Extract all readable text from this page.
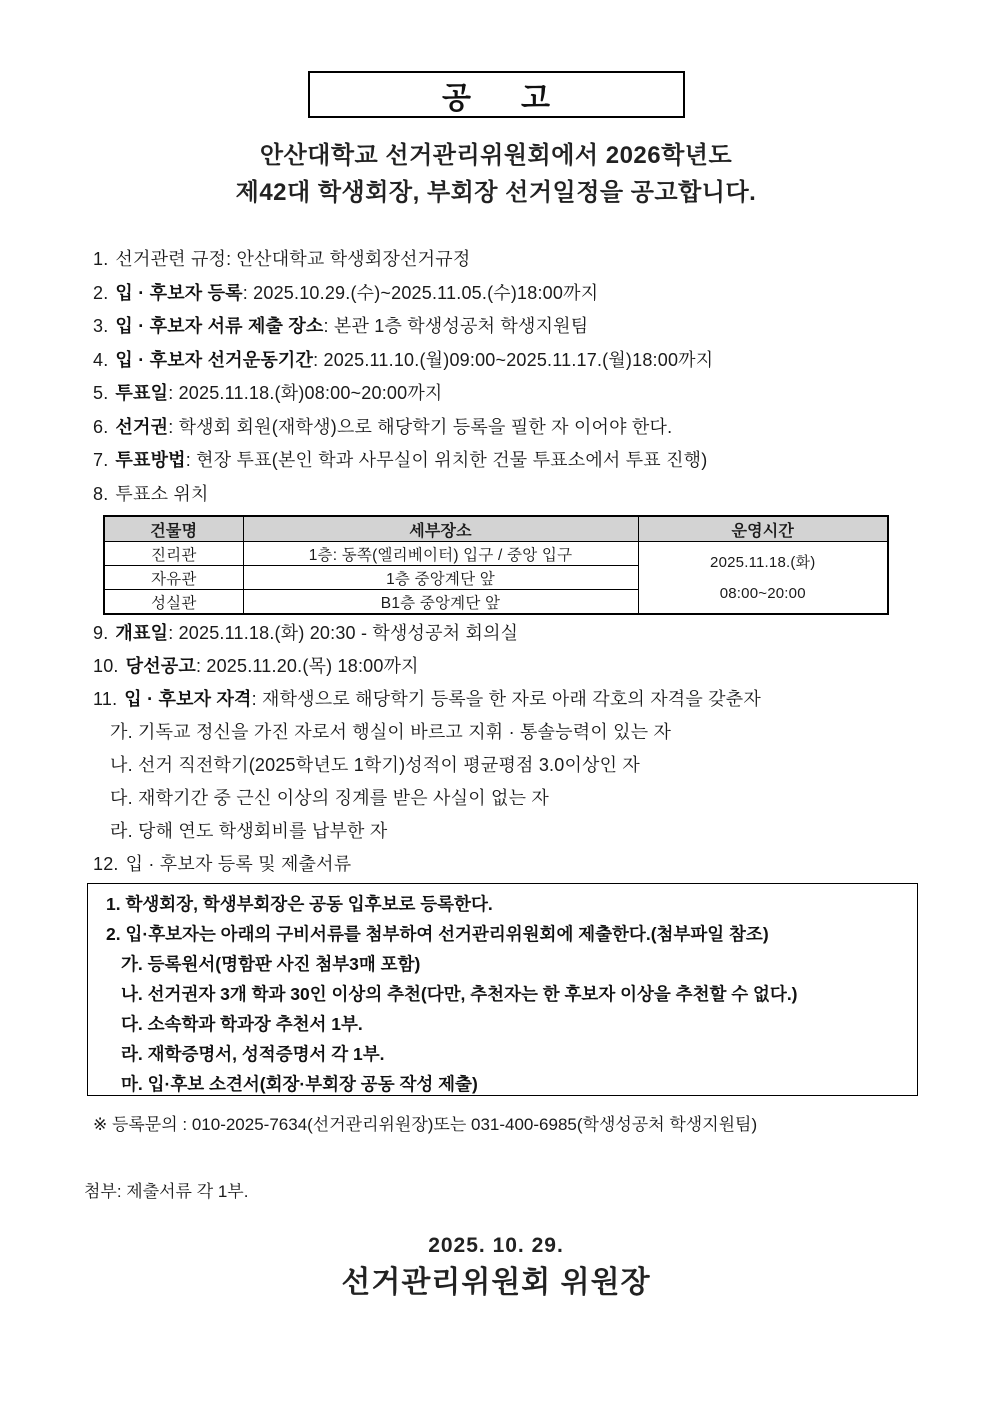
공      고
안산대학교 선거관리위원회에서 2026학년도
제42대 학생회장, 부회장 선거일정을 공고합니다.
1. 선거관련 규정: 안산대학교 학생회장선거규정
2. 입 · 후보자 등록: 2025.10.29.(수)~2025.11.05.(수)18:00까지
3. 입 · 후보자 서류 제출 장소: 본관 1층 학생성공처 학생지원팀
4. 입 · 후보자 선거운동기간: 2025.11.10.(월)09:00~2025.11.17.(월)18:00까지
5. 투표일: 2025.11.18.(화)08:00~20:00까지
6. 선거권: 학생회 회원(재학생)으로 해당학기 등록을 필한 자 이어야 한다.
7. 투표방법: 현장 투표(본인 학과 사무실이 위치한 건물 투표소에서 투표 진행)
8. 투표소 위치
건물명	세부장소	운영시간
진리관	1층: 동쪽(엘리베이터) 입구 / 중앙 입구	2025.11.18.(화)
08:00~20:00

자유관	1층 중앙계단 앞	
성실관	B1층 중앙계단 앞	
9. 개표일: 2025.11.18.(화) 20:30 - 학생성공처 회의실
10. 당선공고: 2025.11.20.(목) 18:00까지
11. 입 · 후보자 자격: 재학생으로 해당학기 등록을 한 자로 아래 각호의 자격을 갖춘자
가. 기독교 정신을 가진 자로서 행실이 바르고 지휘 · 통솔능력이 있는 자
나. 선거 직전학기(2025학년도 1학기)성적이 평균평점 3.0이상인 자
다. 재학기간 중 근신 이상의 징계를 받은 사실이 없는 자
라. 당해 연도 학생회비를 납부한 자
12. 입 · 후보자 등록 및 제출서류
1. 학생회장, 학생부회장은 공동 입후보로 등록한다.
2. 입·후보자는 아래의 구비서류를 첨부하여 선거관리위원회에 제출한다.(첨부파일 참조)
가. 등록원서(명함판 사진 첨부3매 포함)
나. 선거권자 3개 학과 30인 이상의 추천(다만, 추천자는 한 후보자 이상을 추천할 수 없다.)
다. 소속학과 학과장 추천서 1부.
라. 재학증명서, 성적증명서 각 1부.
마. 입·후보 소견서(회장·부회장 공동 작성 제출)
※ 등록문의 : 010-2025-7634(선거관리위원장)또는 031-400-6985(학생성공처 학생지원팀)
첨부: 제출서류 각 1부.
2025. 10. 29.
선거관리위원회 위원장
